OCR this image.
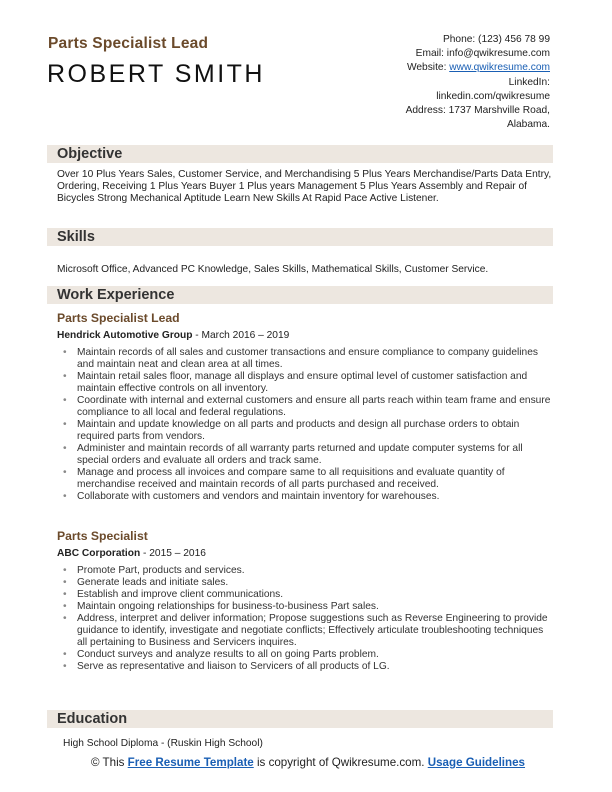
Parts Specialist Lead
ROBERT SMITH
Phone: (123) 456 78 99
Email: info@qwikresume.com
Website: www.qwikresume.com
LinkedIn:
linkedin.com/qwikresume
Address: 1737 Marshville Road,
Alabama.
Objective
Over 10 Plus Years Sales, Customer Service, and Merchandising 5 Plus Years Merchandise/Parts Data Entry, Ordering, Receiving 1 Plus Years Buyer 1 Plus years Management 5 Plus Years Assembly and Repair of Bicycles Strong Mechanical Aptitude Learn New Skills At Rapid Pace Active Listener.
Skills
Microsoft Office, Advanced PC Knowledge, Sales Skills, Mathematical Skills, Customer Service.
Work Experience
Parts Specialist Lead
Hendrick Automotive Group - March 2016 – 2019
• Maintain records of all sales and customer transactions and ensure compliance to company guidelines and maintain neat and clean area at all times.
• Maintain retail sales floor, manage all displays and ensure optimal level of customer satisfaction and maintain effective controls on all inventory.
• Coordinate with internal and external customers and ensure all parts reach within team frame and ensure compliance to all local and federal regulations.
• Maintain and update knowledge on all parts and products and design all purchase orders to obtain required parts from vendors.
• Administer and maintain records of all warranty parts returned and update computer systems for all special orders and evaluate all orders and track same.
• Manage and process all invoices and compare same to all requisitions and evaluate quantity of merchandise received and maintain records of all parts purchased and received.
• Collaborate with customers and vendors and maintain inventory for warehouses.
Parts Specialist
ABC Corporation - 2015 – 2016
• Promote Part, products and services.
• Generate leads and initiate sales.
• Establish and improve client communications.
• Maintain ongoing relationships for business-to-business Part sales.
• Address, interpret and deliver information; Propose suggestions such as Reverse Engineering to provide guidance to identify, investigate and negotiate conflicts; Effectively articulate troubleshooting techniques all pertaining to Business and Servicers inquires.
• Conduct surveys and analyze results to all on going Parts problem.
• Serve as representative and liaison to Servicers of all products of LG.
Education
High School Diploma - (Ruskin High School)
© This Free Resume Template is copyright of Qwikresume.com. Usage Guidelines
